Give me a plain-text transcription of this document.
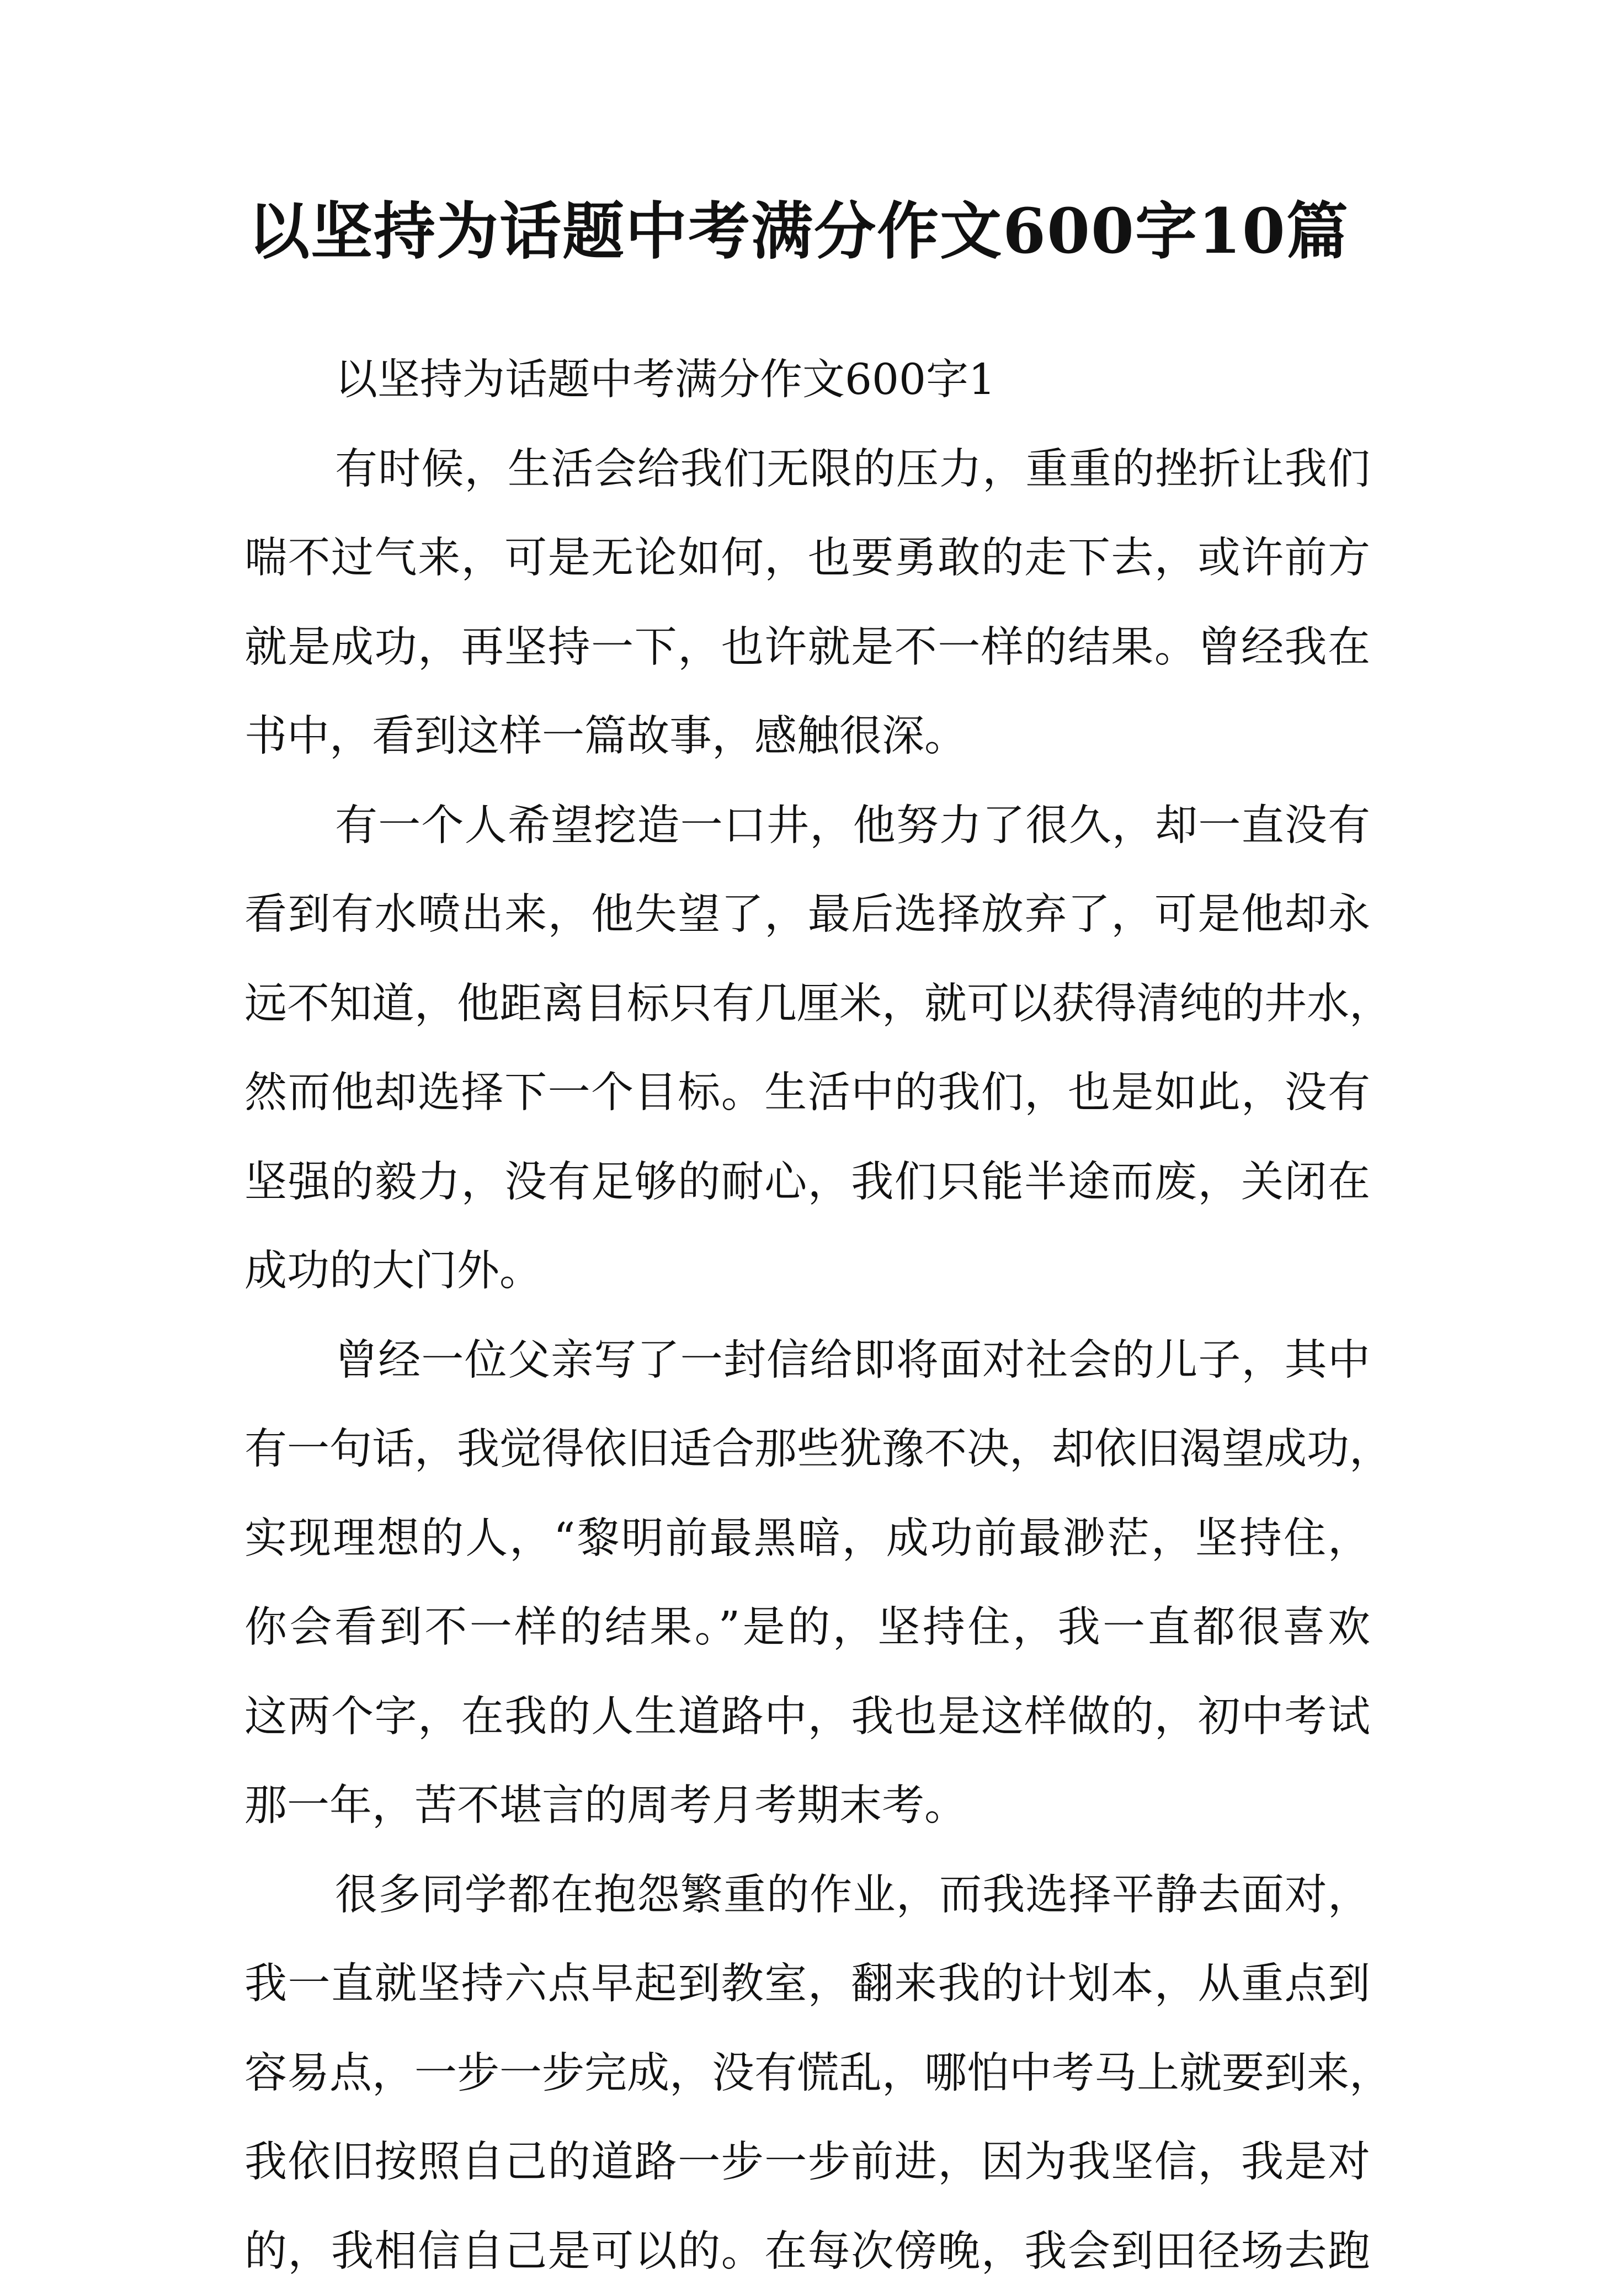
以坚持为话题中考满分作文600字10篇
以坚持为话题中考满分作文600字1
有时候，生活会给我们无限的压力，重重的挫折让我们
喘不过气来，可是无论如何，也要勇敢的走下去，或许前方
就是成功，再坚持一下，也许就是不一样的结果。曾经我在
书中，看到这样一篇故事，感触很深。
有一个人希望挖造一口井，他努力了很久，却一直没有
看到有水喷出来，他失望了，最后选择放弃了，可是他却永
远不知道，他距离目标只有几厘米，就可以获得清纯的井水，
然而他却选择下一个目标。生活中的我们，也是如此，没有
坚强的毅力，没有足够的耐心，我们只能半途而废，关闭在
成功的大门外。
曾经一位父亲写了一封信给即将面对社会的儿子，其中
有一句话，我觉得依旧适合那些犹豫不决，却依旧渴望成功，
实现理想的人，“黎明前最黑暗，成功前最渺茫，坚持住，
你会看到不一样的结果。”是的，坚持住，我一直都很喜欢
这两个字，在我的人生道路中，我也是这样做的，初中考试
那一年，苦不堪言的周考月考期末考。
很多同学都在抱怨繁重的作业，而我选择平静去面对，
我一直就坚持六点早起到教室，翻来我的计划本，从重点到
容易点，一步一步完成，没有慌乱，哪怕中考马上就要到来，
我依旧按照自己的道路一步一步前进，因为我坚信，我是对
的，我相信自己是可以的。在每次傍晚，我会到田径场去跑
